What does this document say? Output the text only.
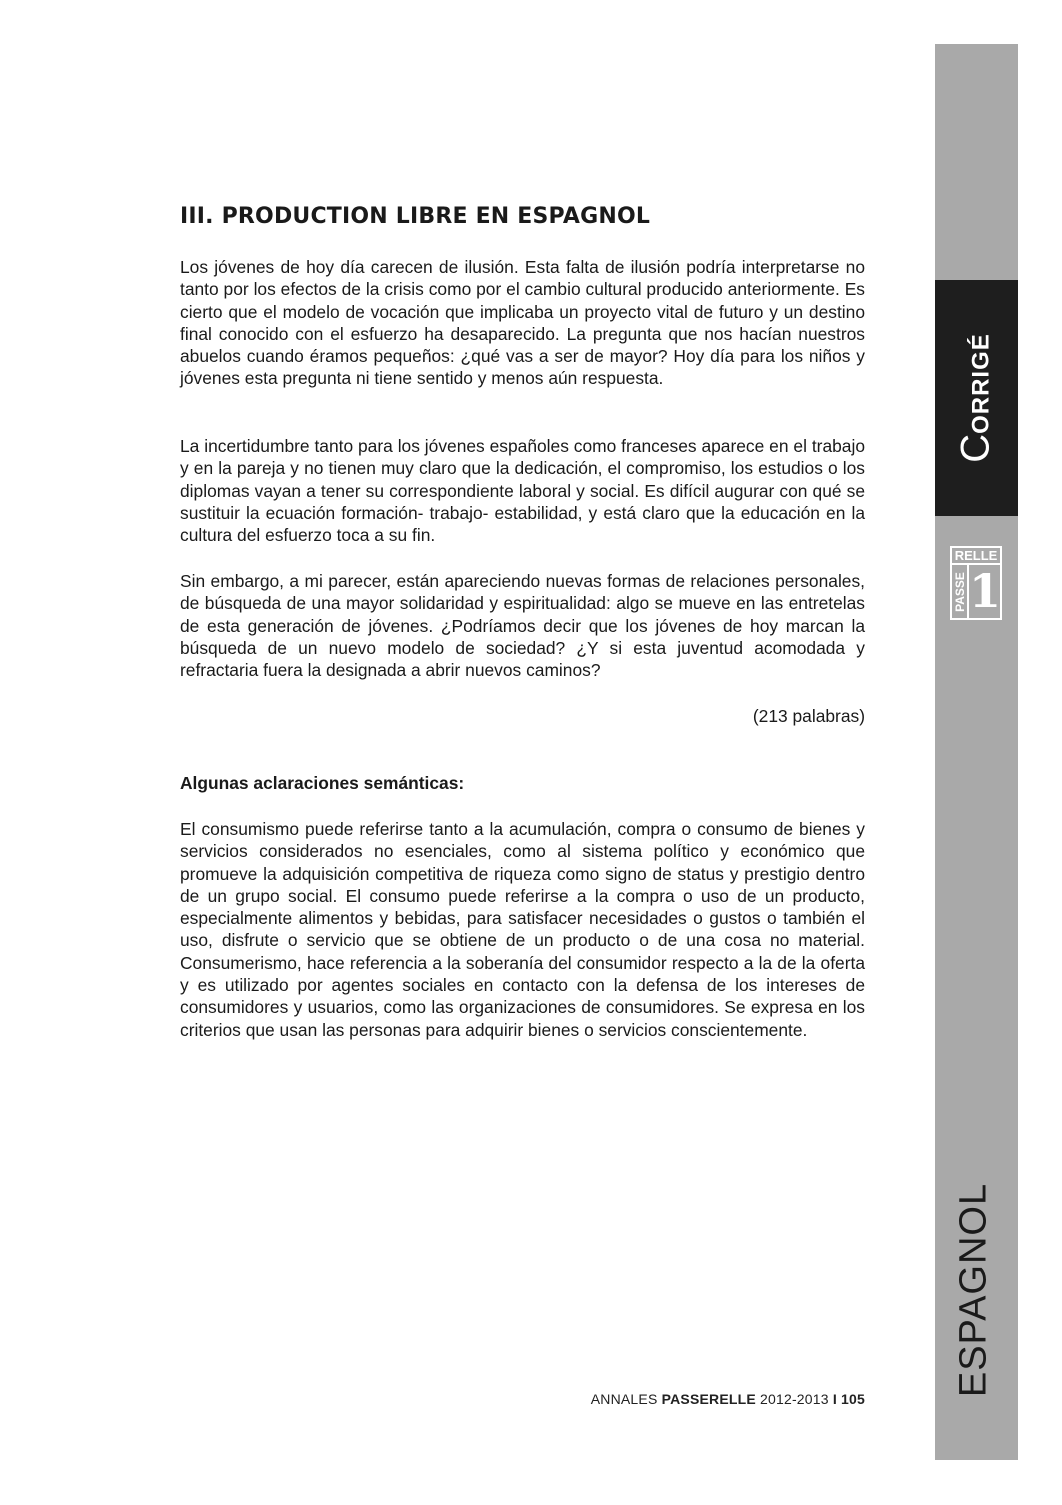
III. PRODUCTION LIBRE EN ESPAGNOL

Los jóvenes de hoy día carecen de ilusión. Esta falta de ilusión podría interpretarse no tanto por los efectos de la crisis como por el cambio cultural producido anteriormente. Es cierto que el modelo de vocación que implicaba un proyecto vital de futuro y un destino final conocido con el esfuerzo ha desaparecido. La pregunta que nos hacían nuestros abuelos cuando éramos pequeños: ¿qué vas a ser de mayor? Hoy día para los niños y jóvenes esta pregunta ni tiene sentido y menos aún respuesta.

La incertidumbre tanto para los jóvenes españoles como franceses aparece en el trabajo y en la pareja y no tienen muy claro que la dedicación, el compromiso, los estudios o los diplomas vayan a tener su correspondiente laboral y social. Es difícil augurar con qué se sustituir la ecuación formación- trabajo- estabilidad, y está claro que la educación en la cultura del esfuerzo toca a su fin.

Sin embargo, a mi parecer, están apareciendo nuevas formas de relaciones personales, de búsqueda de una mayor solidaridad y espiritualidad: algo se mueve en las entretelas de esta generación de jóvenes. ¿Podríamos decir que los jóvenes de hoy marcan la búsqueda de un nuevo modelo de sociedad? ¿Y si esta juventud acomodada y refractaria fuera la designada a abrir nuevos caminos?

(213 palabras)

Algunas aclaraciones semánticas:

El consumismo puede referirse tanto a la acumulación, compra o consumo de bienes y servicios considerados no esenciales, como al sistema político y económico que promueve la adquisición competitiva de riqueza como signo de status y prestigio dentro de un grupo social. El consumo puede referirse a la compra o uso de un producto, especialmente alimentos y bebidas, para satisfacer necesidades o gustos o también el uso, disfrute o servicio que se obtiene de un producto o de una cosa no material. Consumerismo, hace referencia a la soberanía del consumidor respecto a la de la oferta y es utilizado por agentes sociales en contacto con la defensa de los intereses de consumidores y usuarios, como las organizaciones de consumidores. Se expresa en los criterios que usan las personas para adquirir bienes o servicios conscientemente.

ANNALES PASSERELLE 2012-2013 I 105
CORRIGÉ
RELLE
PASSE 1
ESPAGNOL
